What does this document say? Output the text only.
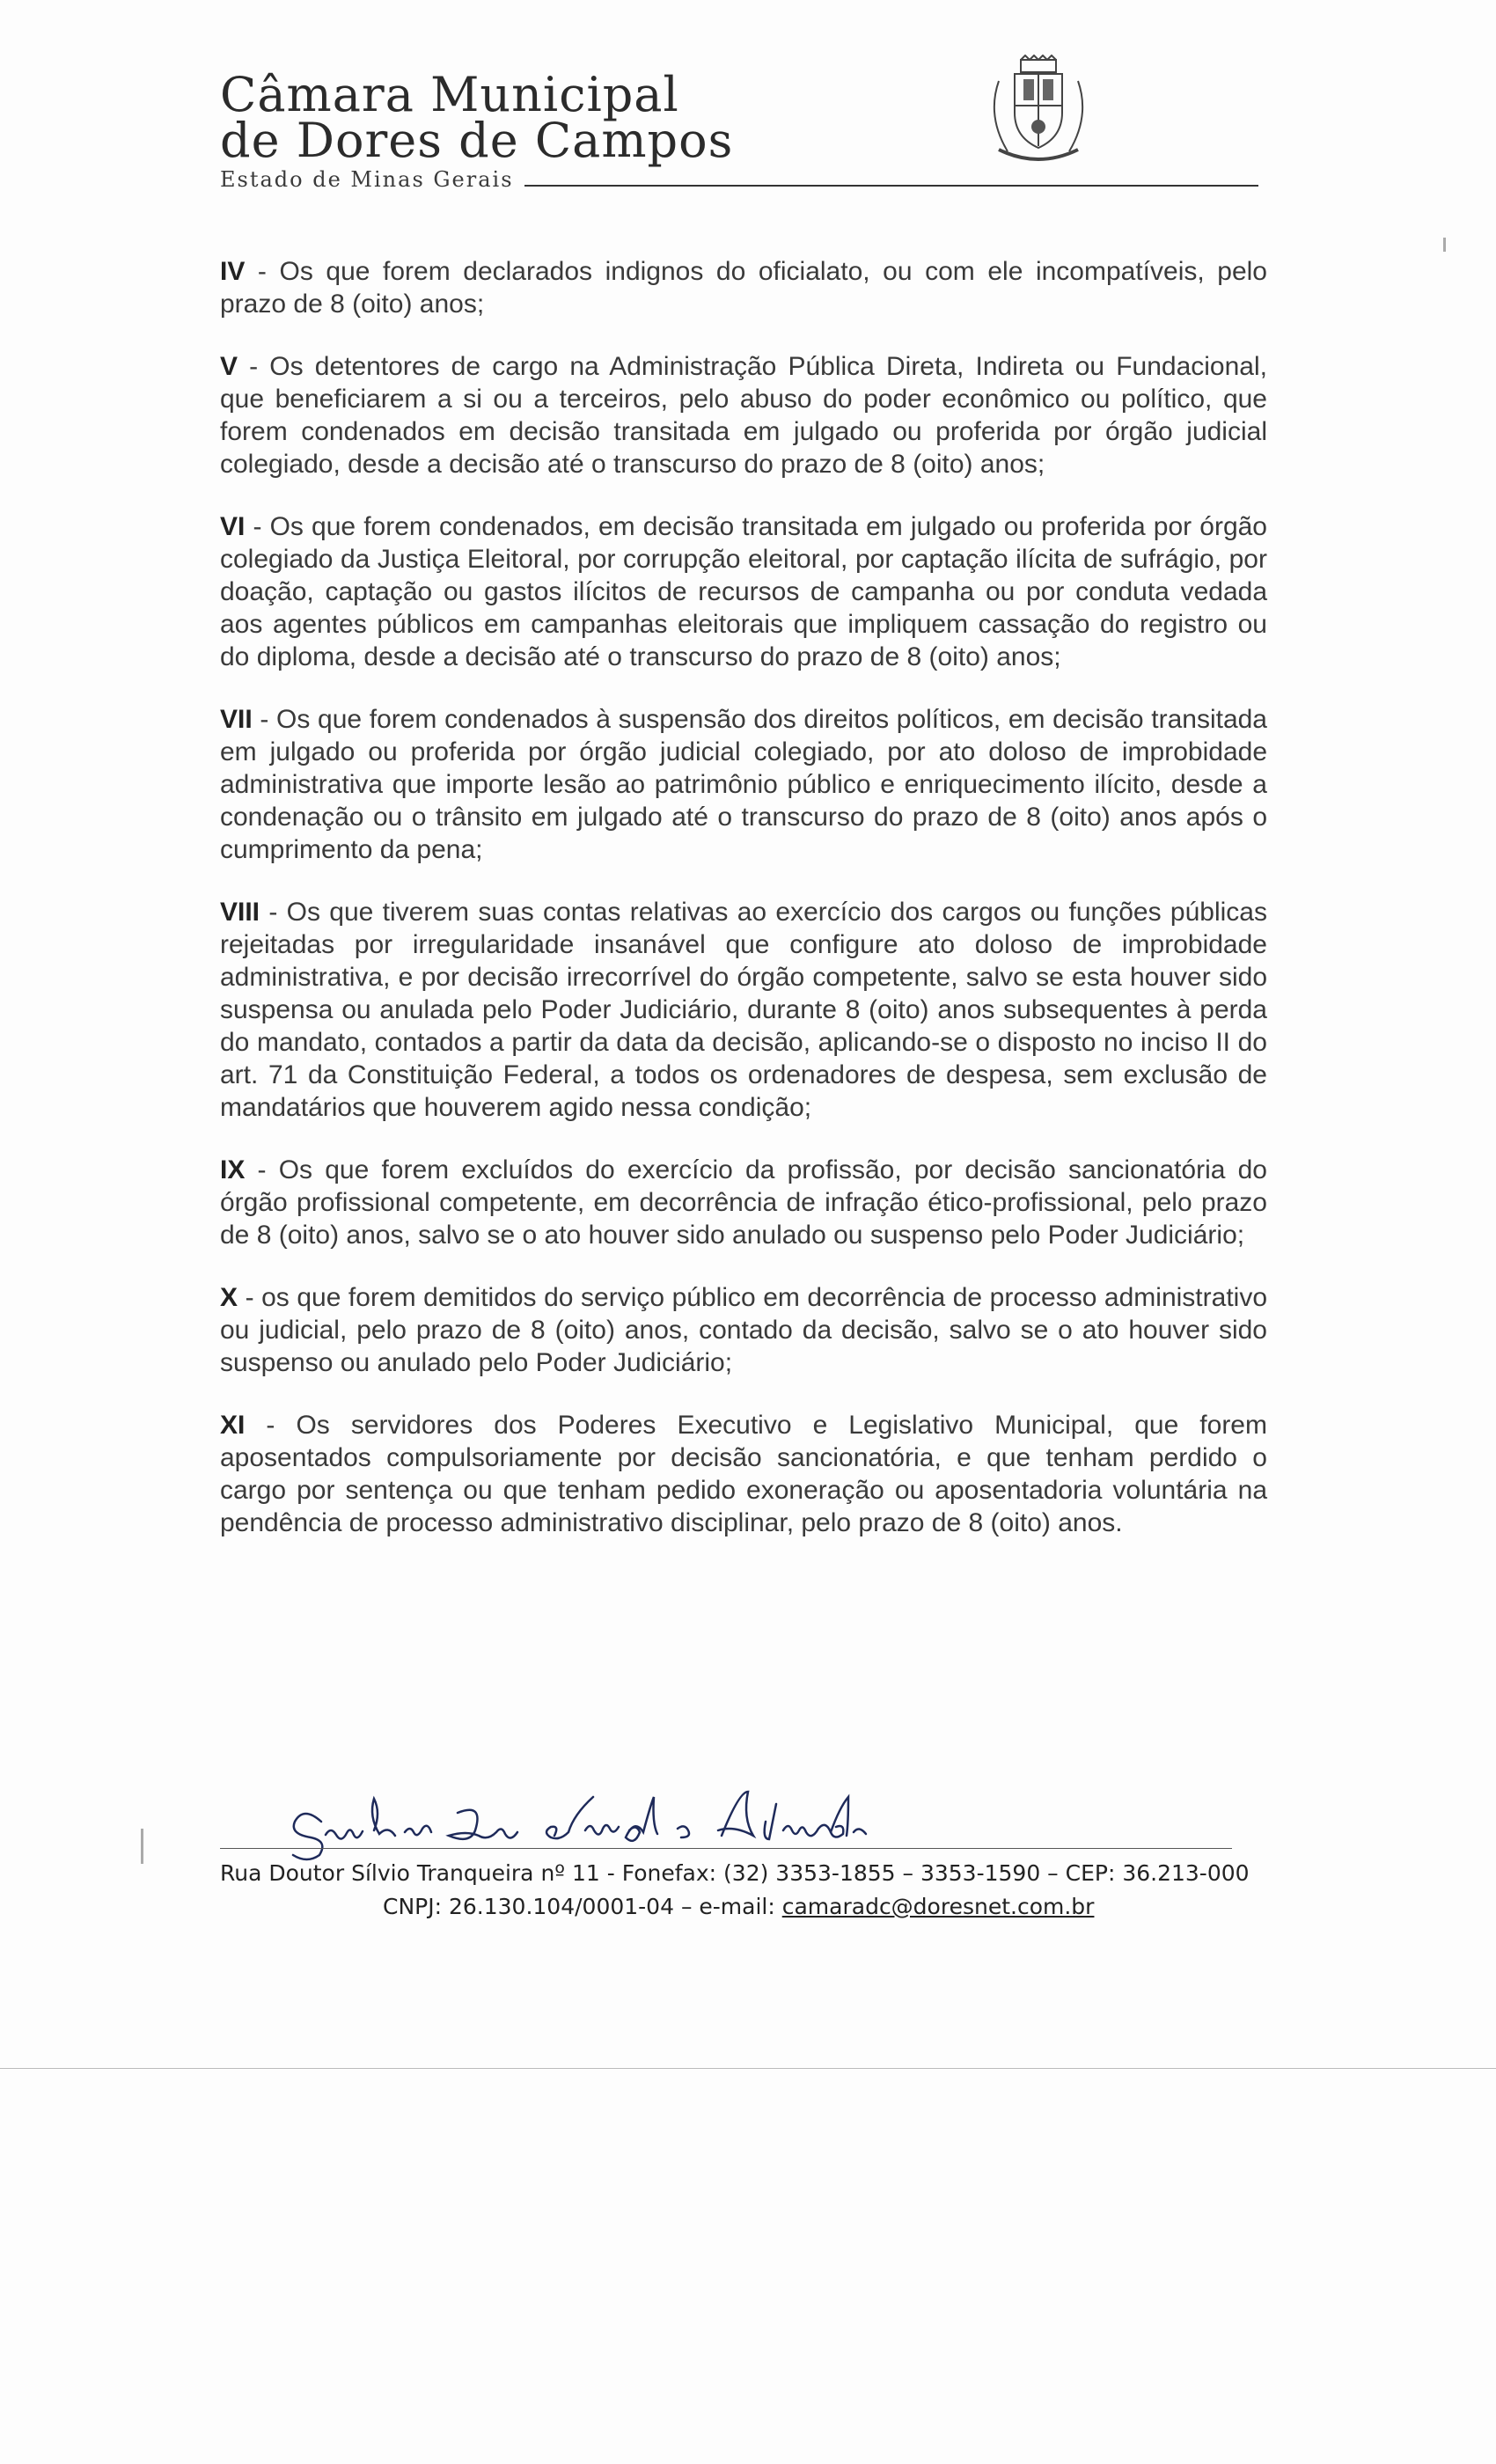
Câmara Municipal
de Dores de Campos
Estado de Minas Gerais

IV - Os que forem declarados indignos do oficialato, ou com ele incompatíveis, pelo prazo de 8 (oito) anos;

V - Os detentores de cargo na Administração Pública Direta, Indireta ou Fundacional, que beneficiarem a si ou a terceiros, pelo abuso do poder econômico ou político, que forem condenados em decisão transitada em julgado ou proferida por órgão judicial colegiado, desde a decisão até o transcurso do prazo de 8 (oito) anos;

VI - Os que forem condenados, em decisão transitada em julgado ou proferida por órgão colegiado da Justiça Eleitoral, por corrupção eleitoral, por captação ilícita de sufrágio, por doação, captação ou gastos ilícitos de recursos de campanha ou por conduta vedada aos agentes públicos em campanhas eleitorais que impliquem cassação do registro ou do diploma, desde a decisão até o transcurso do prazo de 8 (oito) anos;

VII - Os que forem condenados à suspensão dos direitos políticos, em decisão transitada em julgado ou proferida por órgão judicial colegiado, por ato doloso de improbidade administrativa que importe lesão ao patrimônio público e enriquecimento ilícito, desde a condenação ou o trânsito em julgado até o transcurso do prazo de 8 (oito) anos após o cumprimento da pena;

VIII - Os que tiverem suas contas relativas ao exercício dos cargos ou funções públicas rejeitadas por irregularidade insanável que configure ato doloso de improbidade administrativa, e por decisão irrecorrível do órgão competente, salvo se esta houver sido suspensa ou anulada pelo Poder Judiciário, durante 8 (oito) anos subsequentes à perda do mandato, contados a partir da data da decisão, aplicando-se o disposto no inciso II do art. 71 da Constituição Federal, a todos os ordenadores de despesa, sem exclusão de mandatários que houverem agido nessa condição;

IX - Os que forem excluídos do exercício da profissão, por decisão sancionatória do órgão profissional competente, em decorrência de infração ético-profissional, pelo prazo de 8 (oito) anos, salvo se o ato houver sido anulado ou suspenso pelo Poder Judiciário;

X - os que forem demitidos do serviço público em decorrência de processo administrativo ou judicial, pelo prazo de 8 (oito) anos, contado da decisão, salvo se o ato houver sido suspenso ou anulado pelo Poder Judiciário;

XI - Os servidores dos Poderes Executivo e Legislativo Municipal, que forem aposentados compulsoriamente por decisão sancionatória, e que tenham perdido o cargo por sentença ou que tenham pedido exoneração ou aposentadoria voluntária na pendência de processo administrativo disciplinar, pelo prazo de 8 (oito) anos.

Rua Doutor Sílvio Tranqueira nº 11 - Fonefax: (32) 3353-1855 – 3353-1590 – CEP: 36.213-000
CNPJ: 26.130.104/0001-04 – e-mail: camaradc@doresnet.com.br
